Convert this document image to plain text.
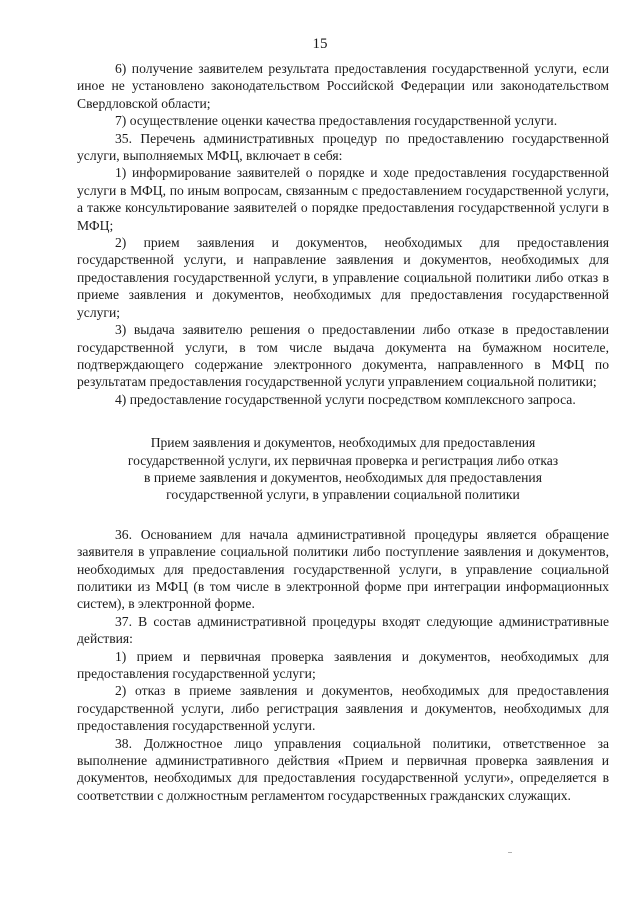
15

6) получение заявителем результата предоставления государственной услуги, если иное не установлено законодательством Российской Федерации или законодательством Свердловской области;

7) осуществление оценки качества предоставления государственной услуги.

35. Перечень административных процедур по предоставлению государственной услуги, выполняемых МФЦ, включает в себя:

1) информирование заявителей о порядке и ходе предоставления государственной услуги в МФЦ, по иным вопросам, связанным с предоставлением государственной услуги, а также консультирование заявителей о порядке предоставления государственной услуги в МФЦ;

2) прием заявления и документов, необходимых для предоставления государственной услуги, и направление заявления и документов, необходимых для предоставления государственной услуги, в управление социальной политики либо отказ в приеме заявления и документов, необходимых для предоставления государственной услуги;

3) выдача заявителю решения о предоставлении либо отказе в предоставлении государственной услуги, в том числе выдача документа на бумажном носителе, подтверждающего содержание электронного документа, направленного в МФЦ по результатам предоставления государственной услуги управлением социальной политики;

4) предоставление государственной услуги посредством комплексного запроса.

Прием заявления и документов, необходимых для предоставления
государственной услуги, их первичная проверка и регистрация либо отказ
в приеме заявления и документов, необходимых для предоставления
государственной услуги, в управлении социальной политики

36. Основанием для начала административной процедуры является обращение заявителя в управление социальной политики либо поступление заявления и документов, необходимых для предоставления государственной услуги, в управление социальной политики из МФЦ (в том числе в электронной форме при интеграции информационных систем), в электронной форме.

37. В состав административной процедуры входят следующие административные действия:

1) прием и первичная проверка заявления и документов, необходимых для предоставления государственной услуги;

2) отказ в приеме заявления и документов, необходимых для предоставления государственной услуги, либо регистрация заявления и документов, необходимых для предоставления государственной услуги.

38. Должностное лицо управления социальной политики, ответственное за выполнение административного действия «Прием и первичная проверка заявления и документов, необходимых для предоставления государственной услуги», определяется в соответствии с должностным регламентом государственных гражданских служащих.
